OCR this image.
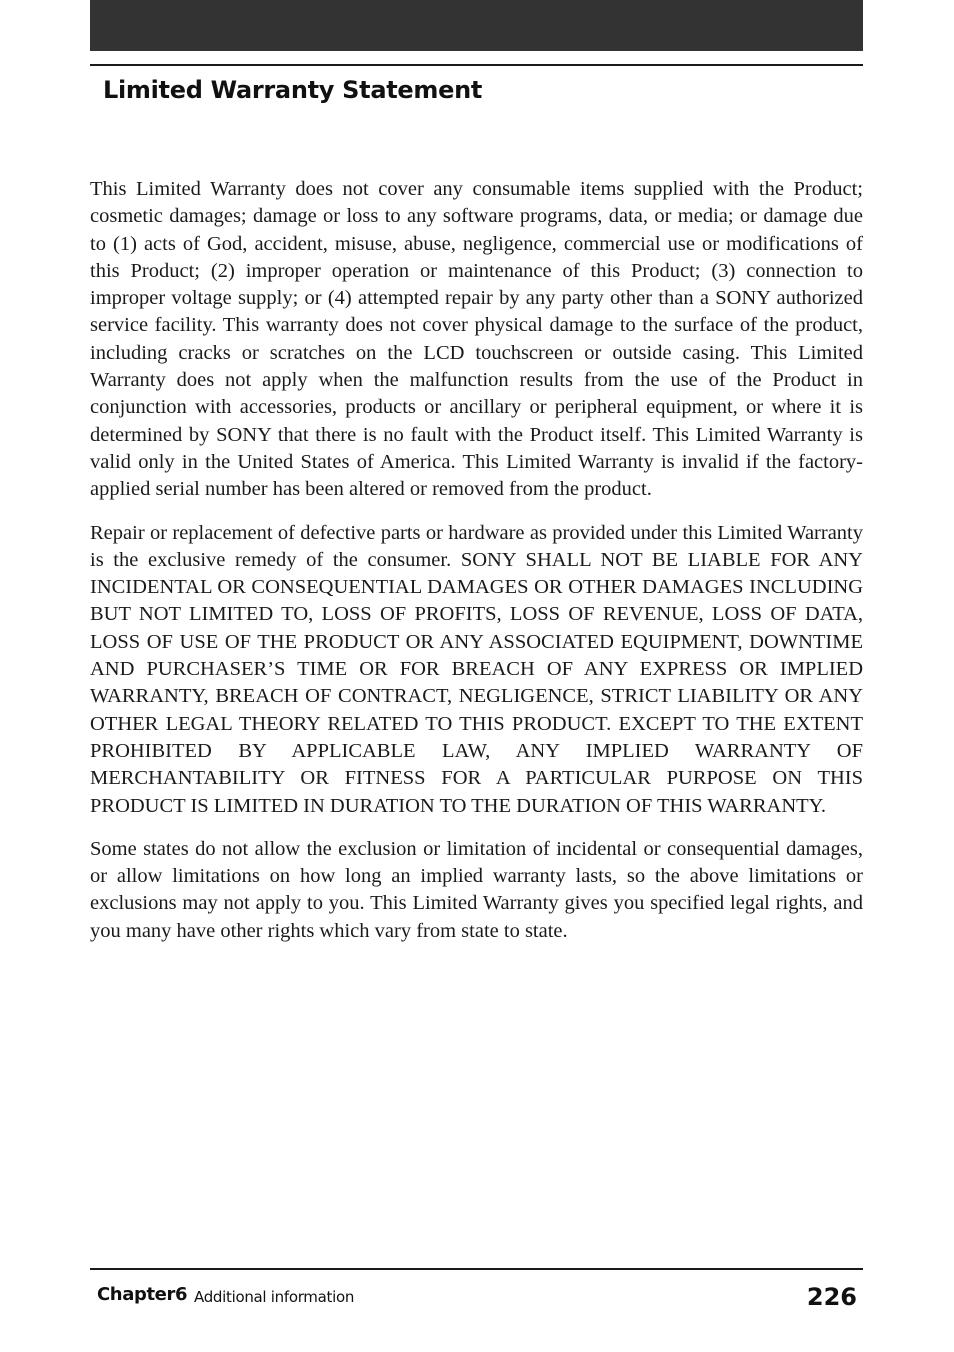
Limited Warranty Statement

This Limited Warranty does not cover any consumable items supplied with the Product; cosmetic damages; damage or loss to any software programs, data, or media; or damage due to (1) acts of God, accident, misuse, abuse, negligence, commercial use or modifications of this Product; (2) improper operation or maintenance of this Product; (3) connection to improper voltage supply; or (4) attempted repair by any party other than a SONY authorized service facility. This warranty does not cover physical damage to the surface of the product, including cracks or scratches on the LCD touchscreen or outside casing. This Limited Warranty does not apply when the malfunction results from the use of the Product in conjunction with accessories, products or ancillary or peripheral equipment, or where it is determined by SONY that there is no fault with the Product itself. This Limited Warranty is valid only in the United States of America. This Limited Warranty is invalid if the factory-applied serial number has been altered or removed from the product.

Repair or replacement of defective parts or hardware as provided under this Limited Warranty is the exclusive remedy of the consumer. SONY SHALL NOT BE LIABLE FOR ANY INCIDENTAL OR CONSEQUENTIAL DAMAGES OR OTHER DAMAGES INCLUDING BUT NOT LIMITED TO, LOSS OF PROFITS, LOSS OF REVENUE, LOSS OF DATA, LOSS OF USE OF THE PRODUCT OR ANY ASSOCIATED EQUIPMENT, DOWNTIME AND PURCHASER’S TIME OR FOR BREACH OF ANY EXPRESS OR IMPLIED WARRANTY, BREACH OF CONTRACT, NEGLIGENCE, STRICT LIABILITY OR ANY OTHER LEGAL THEORY RELATED TO THIS PRODUCT. EXCEPT TO THE EXTENT PROHIBITED BY APPLICABLE LAW, ANY IMPLIED WARRANTY OF MERCHANTABILITY OR FITNESS FOR A PARTICULAR PURPOSE ON THIS PRODUCT IS LIMITED IN DURATION TO THE DURATION OF THIS WARRANTY.

Some states do not allow the exclusion or limitation of incidental or consequential damages, or allow limitations on how long an implied warranty lasts, so the above limitations or exclusions may not apply to you. This Limited Warranty gives you specified legal rights, and you many have other rights which vary from state to state.

Chapter6 Additional information	226
